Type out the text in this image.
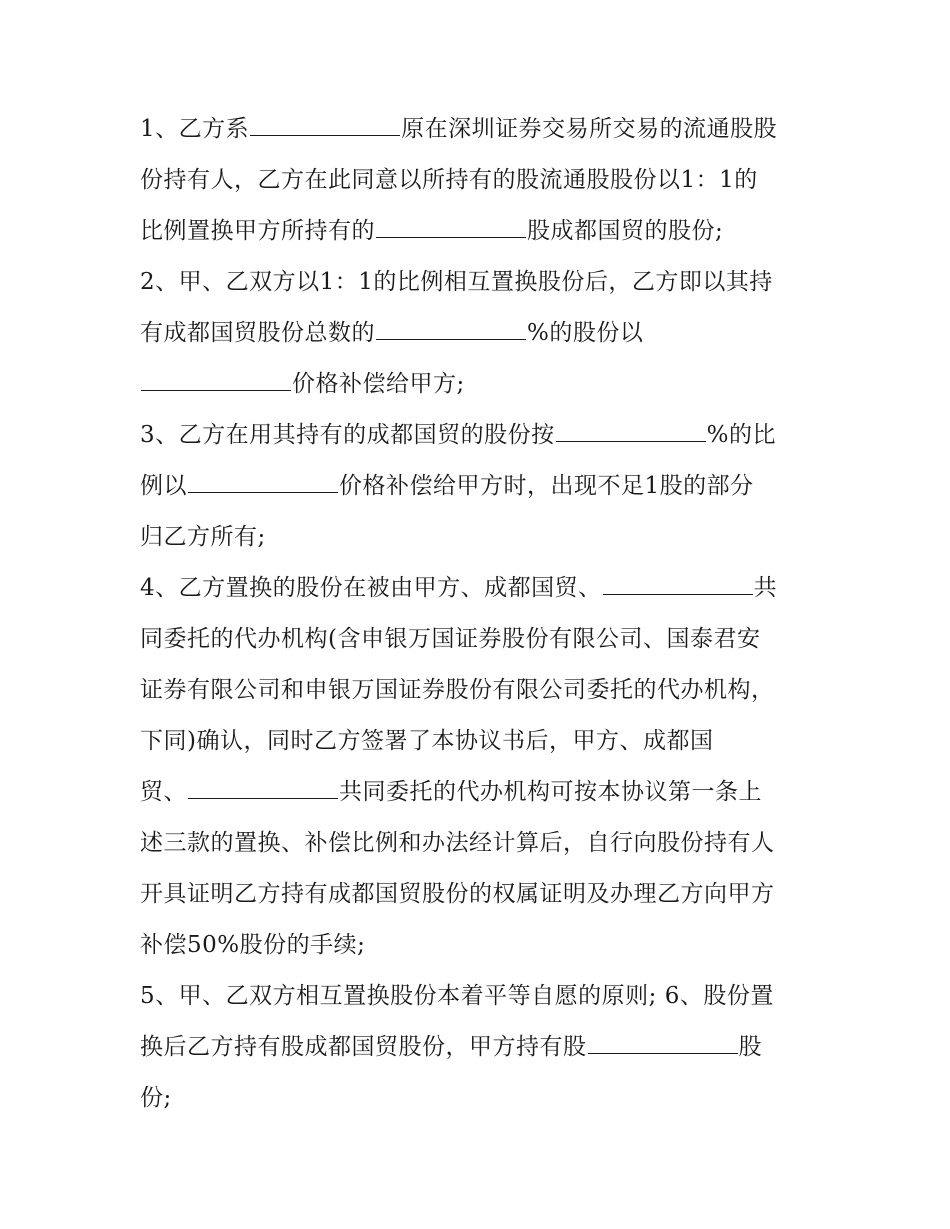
1、乙方系	原在深圳证券交易所交易的流通股股
份持有人，乙方在此同意以所持有的股流通股股份以1：1的
比例置换甲方所持有的	股成都国贸的股份;
2、甲、乙双方以1：1的比例相互置换股份后，乙方即以其持
有成都国贸股份总数的	%的股份以
价格补偿给甲方;
3、乙方在用其持有的成都国贸的股份按	%的比
例以	价格补偿给甲方时，出现不足1股的部分
归乙方所有;
4、乙方置换的股份在被由甲方、成都国贸、	共
同委托的代办机构(含申银万国证券股份有限公司、国泰君安
证券有限公司和申银万国证券股份有限公司委托的代办机构，
下同)确认，同时乙方签署了本协议书后，甲方、成都国
贸、	共同委托的代办机构可按本协议第一条上
述三款的置换、补偿比例和办法经计算后，自行向股份持有人
开具证明乙方持有成都国贸股份的权属证明及办理乙方向甲方
补偿50%股份的手续;
5、甲、乙双方相互置换股份本着平等自愿的原则; 6、股份置
换后乙方持有股成都国贸股份，甲方持有股	股
份;
